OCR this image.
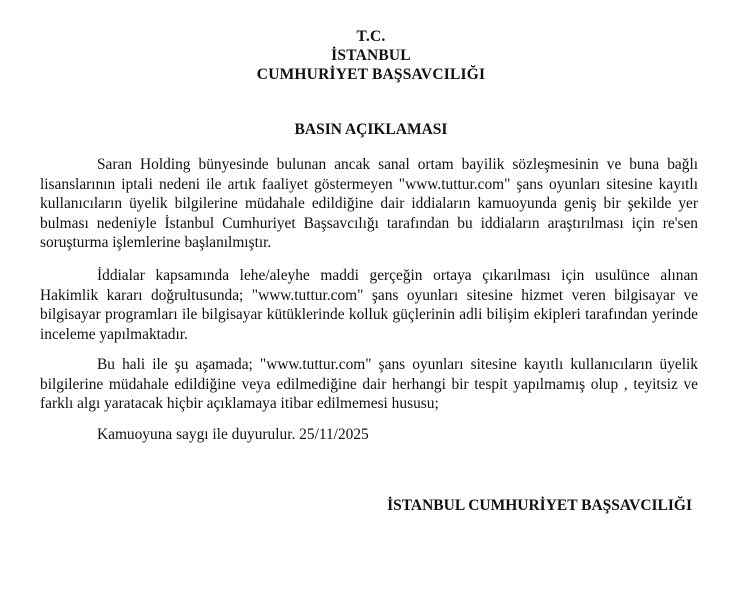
T.C.
İSTANBUL
CUMHURİYET BAŞSAVCILIĞI
BASIN AÇIKLAMASI

Saran Holding bünyesinde bulunan ancak sanal ortam bayilik sözleşmesinin ve buna bağlı lisanslarının iptali nedeni ile artık faaliyet göstermeyen "www.tuttur.com" şans oyunları sitesine kayıtlı kullanıcıların üyelik bilgilerine müdahale edildiğine dair iddiaların kamuoyunda geniş bir şekilde yer bulması nedeniyle İstanbul Cumhuriyet Başsavcılığı tarafından bu iddiaların araştırılması için re'sen soruşturma işlemlerine başlanılmıştır.

İddialar kapsamında lehe/aleyhe maddi gerçeğin ortaya çıkarılması için usulünce alınan Hakimlik kararı doğrultusunda; "www.tuttur.com" şans oyunları sitesine hizmet veren bilgisayar ve bilgisayar programları ile bilgisayar kütüklerinde kolluk güçlerinin adli bilişim ekipleri tarafından yerinde inceleme yapılmaktadır.

Bu hali ile şu aşamada; "www.tuttur.com" şans oyunları sitesine kayıtlı kullanıcıların üyelik bilgilerine müdahale edildiğine veya edilmediğine dair herhangi bir tespit yapılmamış olup , teyitsiz ve farklı algı yaratacak hiçbir açıklamaya itibar edilmemesi hususu;

Kamuoyuna saygı ile duyurulur. 25/11/2025

İSTANBUL CUMHURİYET BAŞSAVCILIĞI
